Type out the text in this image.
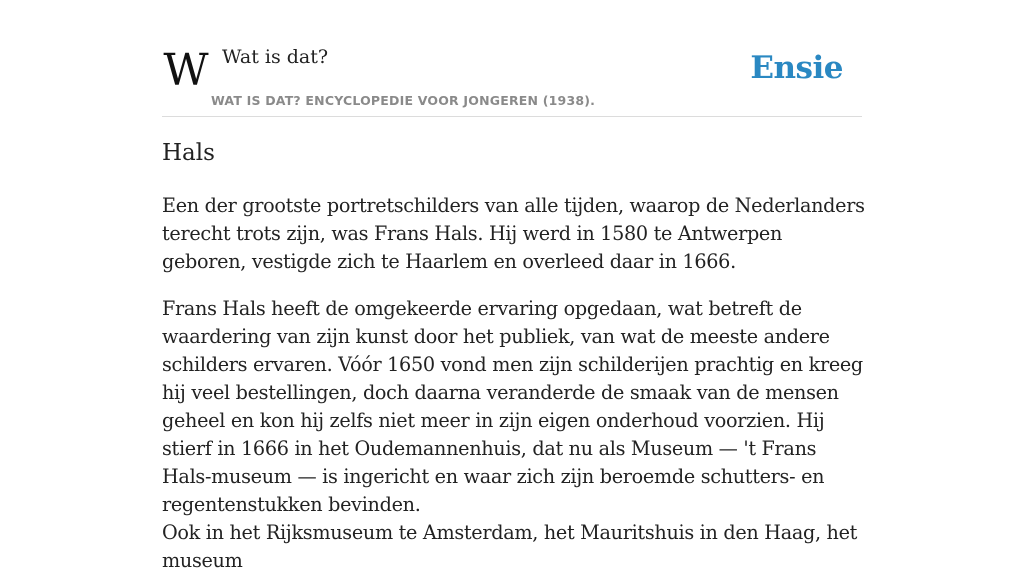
W Wat is dat?
WAT IS DAT? ENCYCLOPEDIE VOOR JONGEREN (1938).
Ensie
Hals

Een der grootste portretschilders van alle tijden, waarop de Nederlanders terecht trots zijn, was Frans Hals. Hij werd in 1580 te Antwerpen geboren, vestigde zich te Haarlem en overleed daar in 1666.

Frans Hals heeft de omgekeerde ervaring opgedaan, wat betreft de waardering van zijn kunst door het publiek, van wat de meeste andere schilders ervaren. Vóór 1650 vond men zijn schilderijen prachtig en kreeg hij veel bestellingen, doch daarna veranderde de smaak van de mensen geheel en kon hij zelfs niet meer in zijn eigen onderhoud voorzien. Hij stierf in 1666 in het Oudemannenhuis, dat nu als Museum — 't Frans Hals-museum — is ingericht en waar zich zijn beroemde schutters- en regentenstukken bevinden.

Ook in het Rijksmuseum te Amsterdam, het Mauritshuis in den Haag, het museum
